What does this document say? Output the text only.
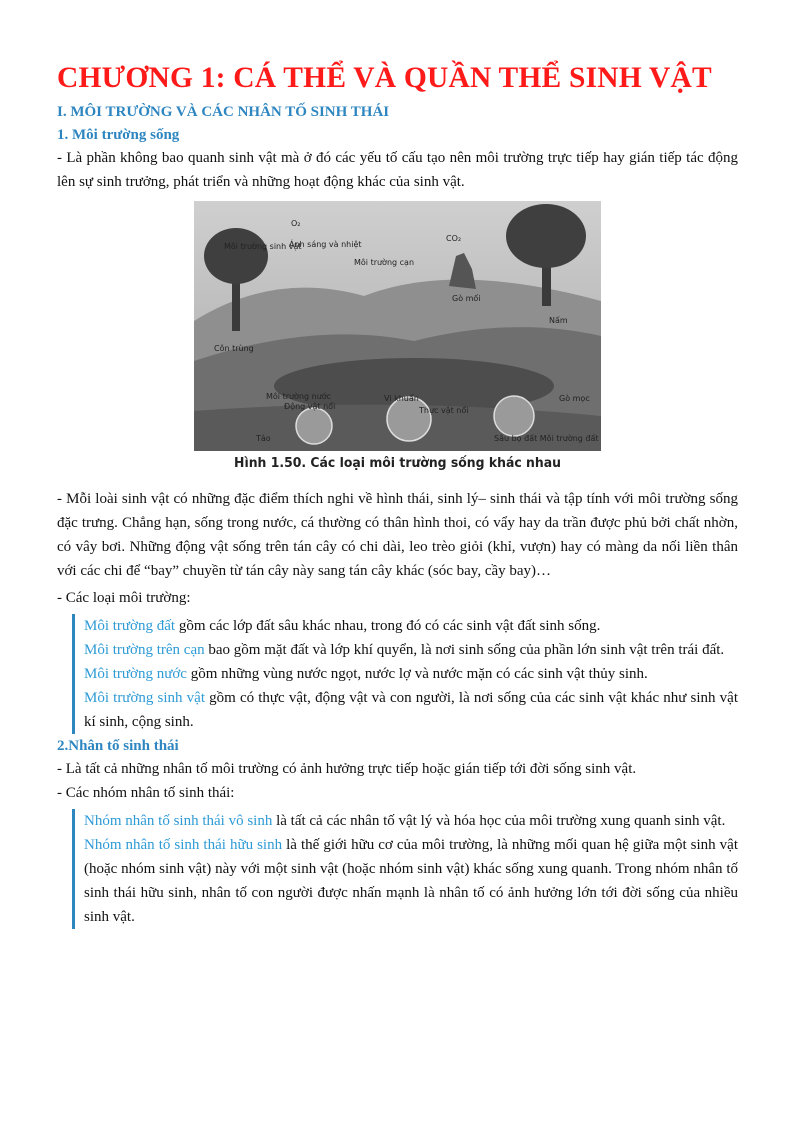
CHƯƠNG 1: CÁ THỂ VÀ QUẦN THỂ SINH VẬT
I. MÔI TRƯỜNG VÀ CÁC NHÂN TỐ SINH THÁI
1. Môi trường sống

- Là phần không bao quanh sinh vật mà ở đó các yếu tố cấu tạo nên môi trường trực tiếp hay gián tiếp tác động lên sự sinh trưởng, phát triển và những hoạt động khác của sinh vật.

O₂
CO₂
Ánh sáng và nhiệt
Môi trường cạn
Môi trường sinh vật
Gò mối
Côn trùng
Nấm
Môi trường nước
Động vật nổi
Vi khuẩn
Thực vật nổi
Gò mọc
Tảo	Sâu bọ đất Môi trường đất
Hình 1.50. Các loại môi trường sống khác nhau

- Mỗi loài sinh vật có những đặc điểm thích nghi về hình thái, sinh lý– sinh thái và tập tính với môi trường sống đặc trưng. Chẳng hạn, sống trong nước, cá thường có thân hình thoi, có vẩy hay da trần được phủ bởi chất nhờn, có vây bơi. Những động vật sống trên tán cây có chi dài, leo trèo giỏi (khỉ, vượn) hay có màng da nối liền thân với các chi để “bay” chuyền từ tán cây này sang tán cây khác (sóc bay, cầy bay)…

- Các loại môi trường:

Môi trường đất gồm các lớp đất sâu khác nhau, trong đó có các sinh vật đất sinh sống.

Môi trường trên cạn bao gồm mặt đất và lớp khí quyển, là nơi sinh sống của phần lớn sinh vật trên trái đất.

Môi trường nước gồm những vùng nước ngọt, nước lợ và nước mặn có các sinh vật thủy sinh.

Môi trường sinh vật gồm có thực vật, động vật và con người, là nơi sống của các sinh vật khác như sinh vật kí sinh, cộng sinh.

2.Nhân tố sinh thái

- Là tất cả những nhân tố môi trường có ảnh hưởng trực tiếp hoặc gián tiếp tới đời sống sinh vật.

- Các nhóm nhân tố sinh thái:

Nhóm nhân tố sinh thái vô sinh là tất cả các nhân tố vật lý và hóa học của môi trường xung quanh sinh vật.

Nhóm nhân tố sinh thái hữu sinh là thế giới hữu cơ của môi trường, là những mối quan hệ giữa một sinh vật (hoặc nhóm sinh vật) này với một sinh vật (hoặc nhóm sinh vật) khác sống xung quanh. Trong nhóm nhân tố sinh thái hữu sinh, nhân tố con người được nhấn mạnh là nhân tố có ảnh hưởng lớn tới đời sống của nhiều sinh vật.
